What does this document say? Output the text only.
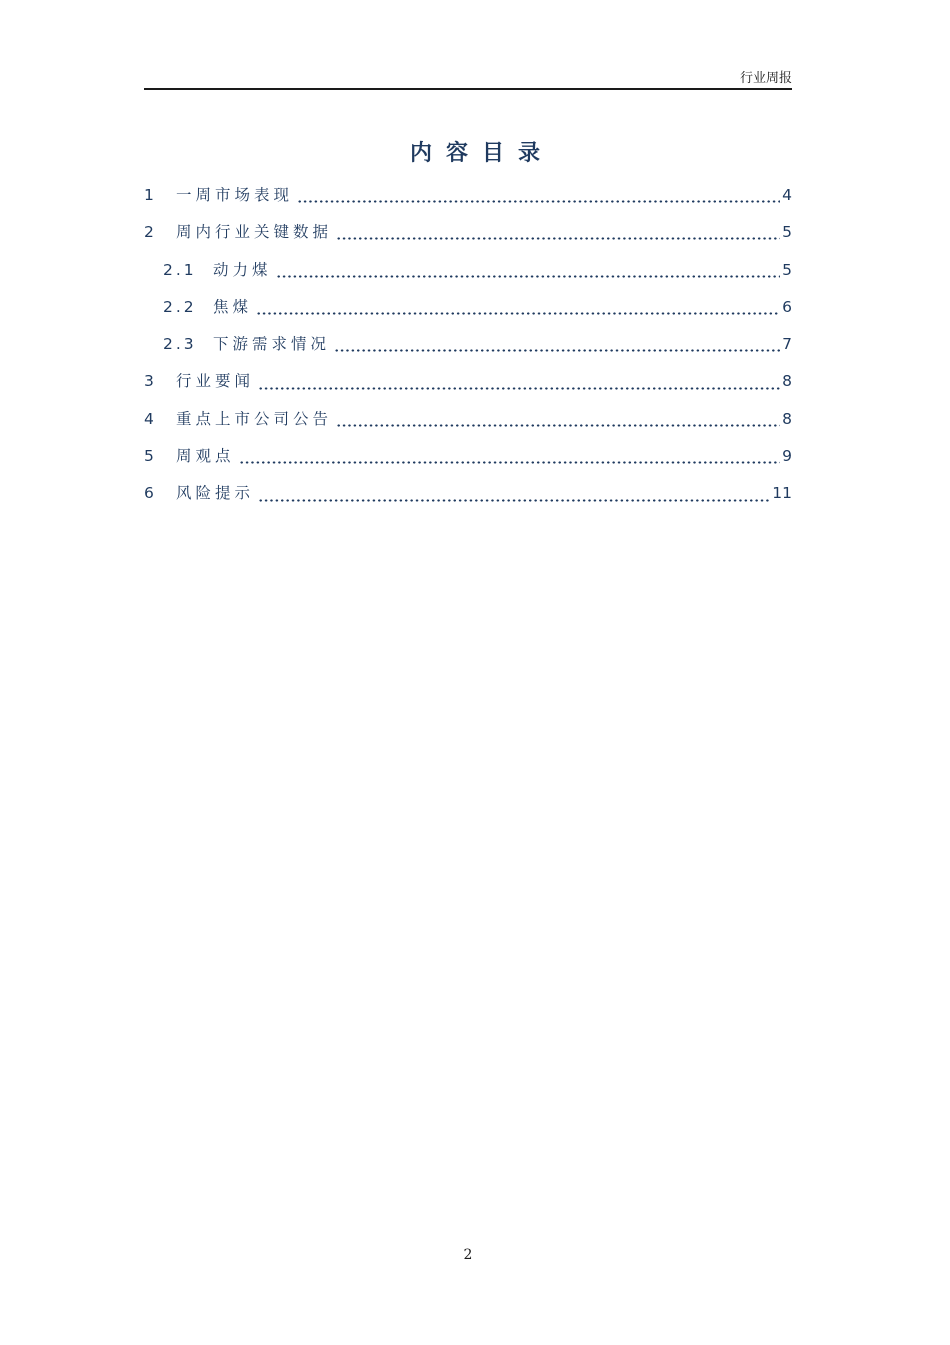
行业周报
内容目录
1	一周市场表现	4
2	周内行业关键数据	5
2.1	动力煤	5
2.2	焦煤	6
2.3	下游需求情况	7
3	行业要闻	8
4	重点上市公司公告	8
5	周观点	9
6	风险提示	11
2
